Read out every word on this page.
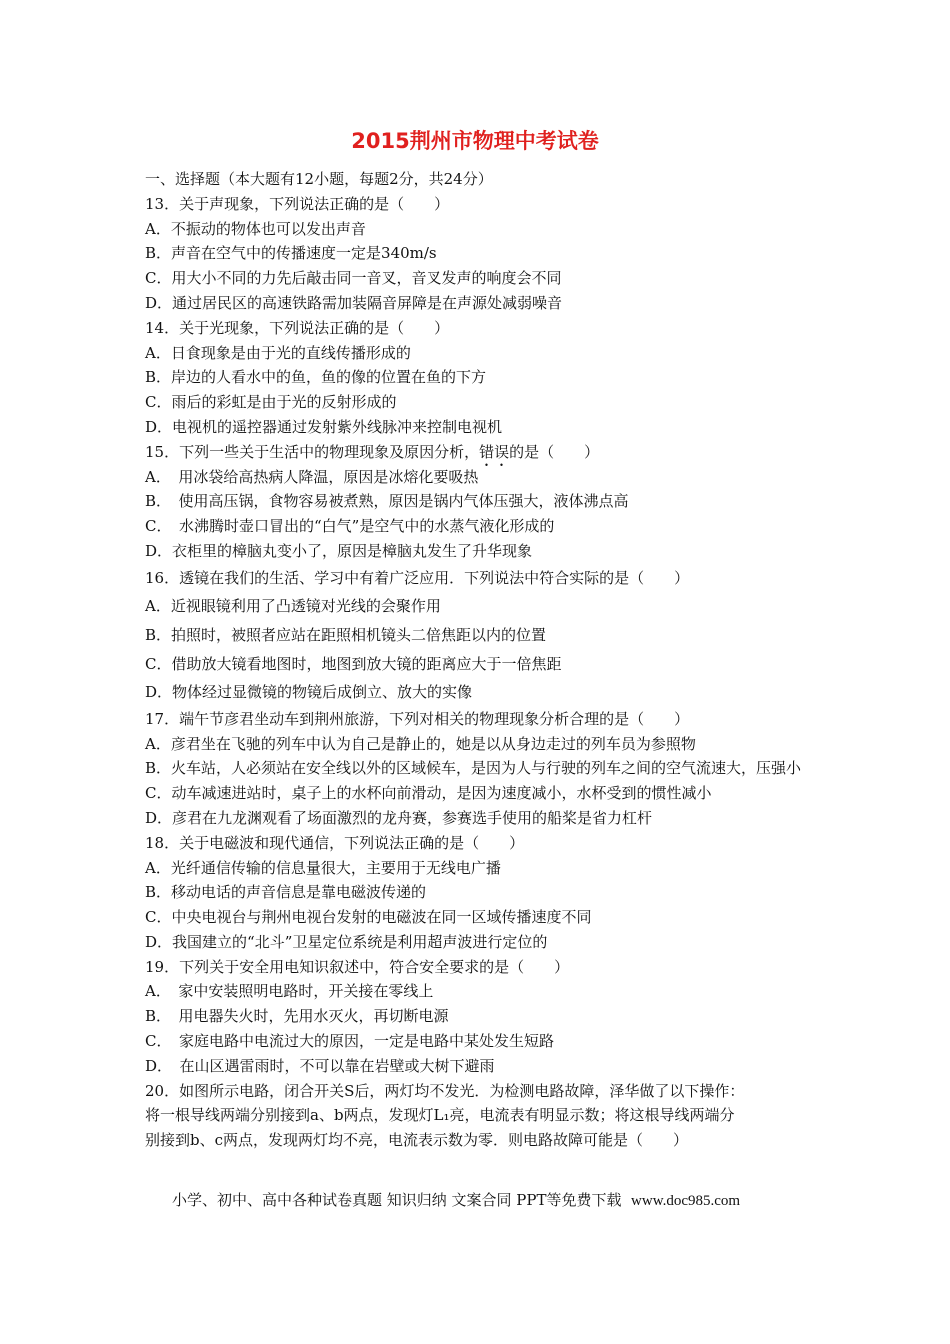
2015荆州市物理中考试卷
一、选择题（本大题有12小题，每题2分，共24分）
13．关于声现象，下列说法正确的是（　　）
A．不振动的物体也可以发出声音
B．声音在空气中的传播速度一定是340m/s
C．用大小不同的力先后敲击同一音叉，音叉发声的响度会不同
D．通过居民区的高速铁路需加装隔音屏障是在声源处减弱噪音
14．关于光现象，下列说法正确的是（　　）
A．日食现象是由于光的直线传播形成的
B．岸边的人看水中的鱼，鱼的像的位置在鱼的下方
C．雨后的彩虹是由于光的反射形成的
D．电视机的遥控器通过发射紫外线脉冲来控制电视机
15．下列一些关于生活中的物理现象及原因分析，错误的是（　　）
A．　用冰袋给高热病人降温，原因是冰熔化要吸热
B．　使用高压锅，食物容易被煮熟，原因是锅内气体压强大，液体沸点高
C．　水沸腾时壶口冒出的“白气”是空气中的水蒸气液化形成的
D．衣柜里的樟脑丸变小了，原因是樟脑丸发生了升华现象
16．透镜在我们的生活、学习中有着广泛应用．下列说法中符合实际的是（　　）
A．近视眼镜利用了凸透镜对光线的会聚作用
B．拍照时，被照者应站在距照相机镜头二倍焦距以内的位置
C．借助放大镜看地图时，地图到放大镜的距离应大于一倍焦距
D．物体经过显微镜的物镜后成倒立、放大的实像
17．端午节彦君坐动车到荆州旅游，下列对相关的物理现象分析合理的是（　　）
A．彦君坐在飞驰的列车中认为自己是静止的，她是以从身边走过的列车员为参照物
B．火车站，人必须站在安全线以外的区域候车，是因为人与行驶的列车之间的空气流速大，压强小
C．动车减速进站时，桌子上的水杯向前滑动，是因为速度减小，水杯受到的惯性减小
D．彦君在九龙渊观看了场面激烈的龙舟赛，参赛选手使用的船桨是省力杠杆
18．关于电磁波和现代通信，下列说法正确的是（　　）
A．光纤通信传输的信息量很大，主要用于无线电广播
B．移动电话的声音信息是靠电磁波传递的
C．中央电视台与荆州电视台发射的电磁波在同一区域传播速度不同
D．我国建立的“北斗”卫星定位系统是利用超声波进行定位的
19．下列关于安全用电知识叙述中，符合安全要求的是（　　）
A．　家中安装照明电路时，开关接在零线上
B．　用电器失火时，先用水灭火，再切断电源
C．　家庭电路中电流过大的原因，一定是电路中某处发生短路
D．　在山区遇雷雨时，不可以靠在岩壁或大树下避雨
20．如图所示电路，闭合开关S后，两灯均不发光．为检测电路故障，泽华做了以下操作：
将一根导线两端分别接到a、b两点，发现灯L₁亮，电流表有明显示数；将这根导线两端分
别接到b、c两点，发现两灯均不亮，电流表示数为零．则电路故障可能是（　　）
小学、初中、高中各种试卷真题 知识归纳 文案合同 PPT等免费下载 www.doc985.com
